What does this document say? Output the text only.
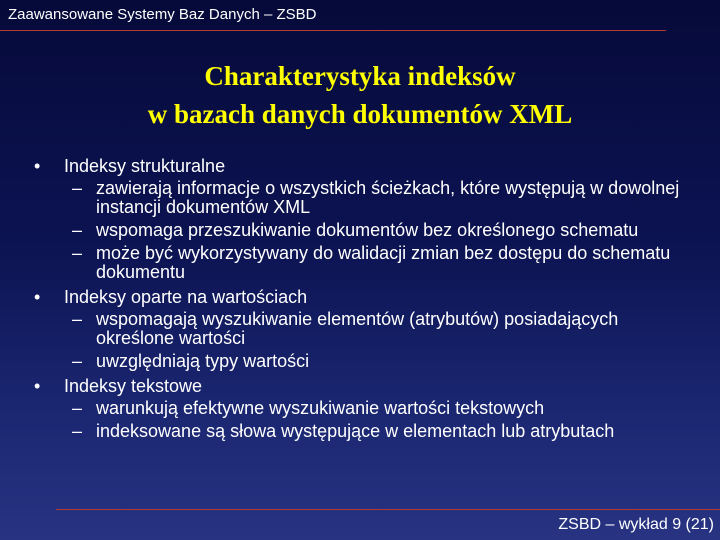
Zaawansowane Systemy Baz Danych – ZSBD
Charakterystyka indeksów
w bazach danych dokumentów XML
• Indeksy strukturalne
– zawierają informacje o wszystkich ścieżkach, które występują w dowolnej instancji dokumentów XML
– wspomaga przeszukiwanie dokumentów bez określonego schematu
– może być wykorzystywany do walidacji zmian bez dostępu do schematu dokumentu
• Indeksy oparte na wartościach
– wspomagają wyszukiwanie elementów (atrybutów) posiadających określone wartości
– uwzględniają typy wartości
• Indeksy tekstowe
– warunkują efektywne wyszukiwanie wartości tekstowych
– indeksowane są słowa występujące w elementach lub atrybutach
ZSBD – wykład 9 (21)
